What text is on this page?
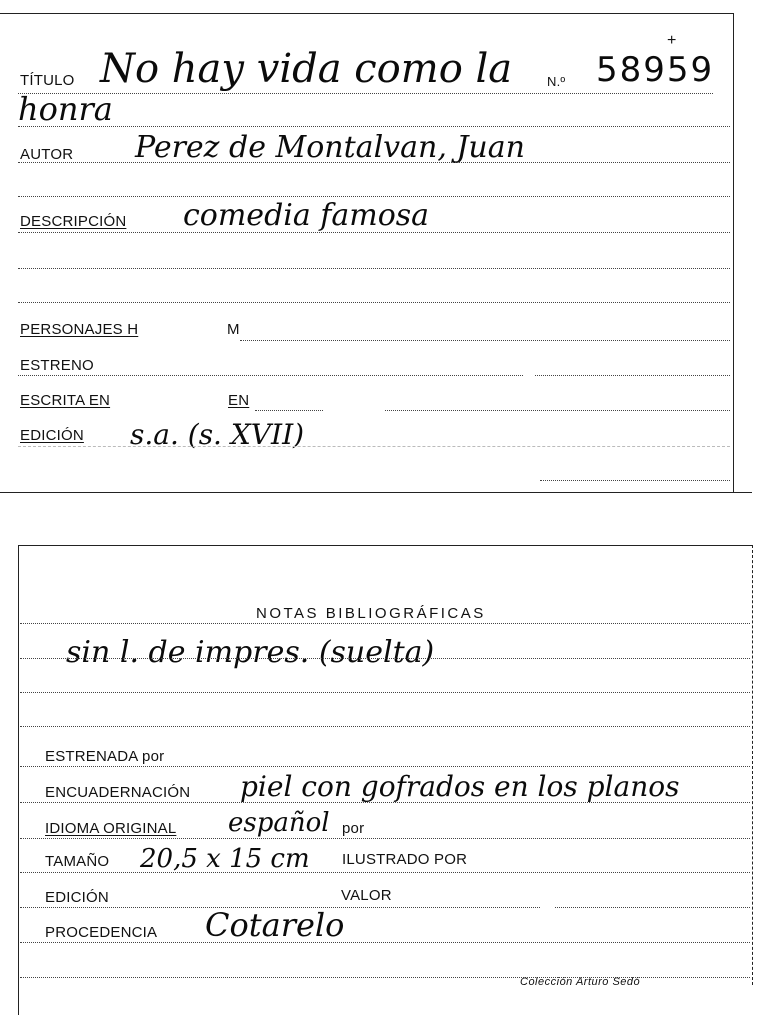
+
TÍTULO No hay vida como la	N.º 58959
honra
AUTOR Perez de Montalvan, Juan
DESCRIPCIÓN comedia famosa
PERSONAJES H	M
ESTRENO
ESCRITA EN	EN
EDICIÓN s.a. (s. XVII)
NOTAS BIBLIOGRÁFICAS
sin l. de impres. (suelta)
ESTRENADA por
ENCUADERNACIÓN piel con gofrados en los planos
IDIOMA ORIGINAL español por
TAMAÑO 20,5 x 15 cm ILUSTRADO POR
EDICIÓN	VALOR
PROCEDENCIA Cotarelo
Colección Arturo Sedó
